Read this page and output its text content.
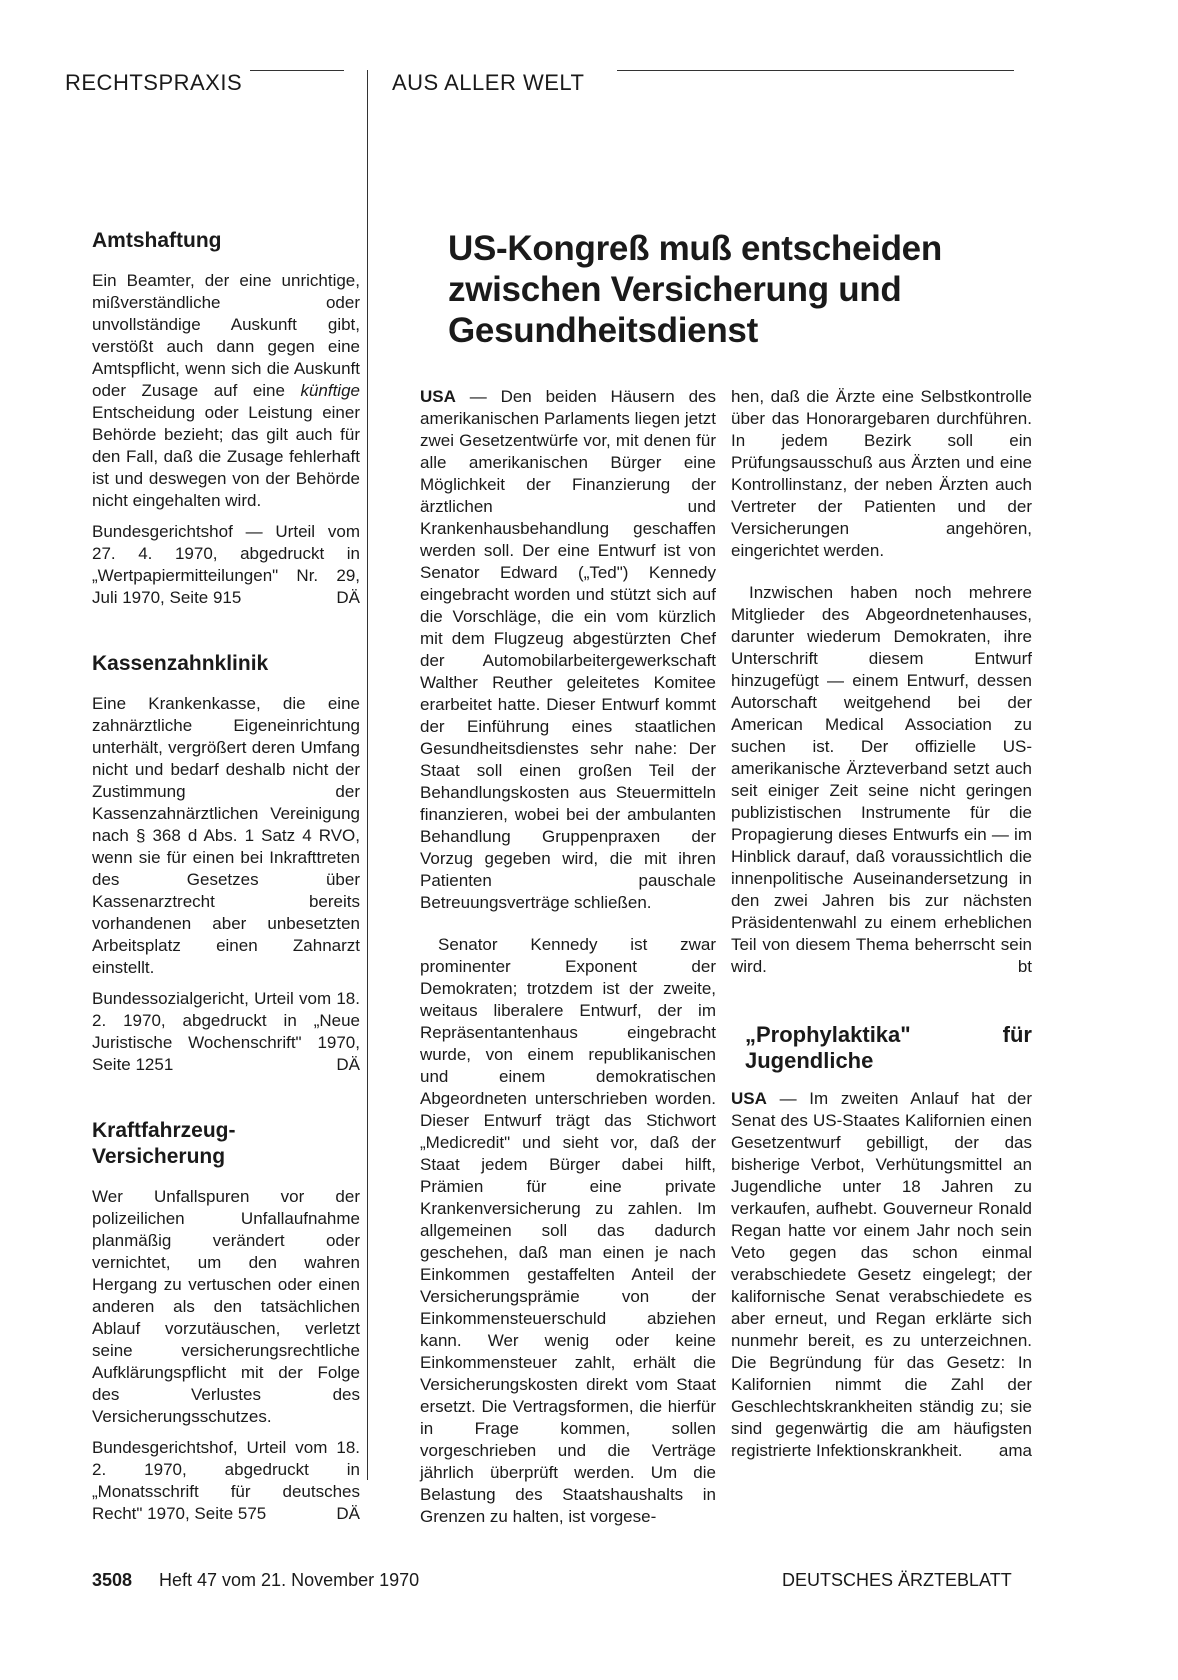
RECHTSPRAXIS	AUS ALLER WELT
Amtshaftung

Ein Beamter, der eine unrichtige, mißverständliche oder unvollständige Auskunft gibt, verstößt auch dann gegen eine Amtspflicht, wenn sich die Auskunft oder Zusage auf eine künftige Entscheidung oder Leistung einer Behörde bezieht; das gilt auch für den Fall, daß die Zusage fehlerhaft ist und deswegen von der Behörde nicht eingehalten wird.

Bundesgerichtshof — Urteil vom 27. 4. 1970, abgedruckt in „Wertpapiermitteilungen" Nr. 29, Juli 1970, Seite 915	DÄ

Kassenzahnklinik

Eine Krankenkasse, die eine zahnärztliche Eigeneinrichtung unterhält, vergrößert deren Umfang nicht und bedarf deshalb nicht der Zustimmung der Kassenzahnärztlichen Vereinigung nach § 368 d Abs. 1 Satz 4 RVO, wenn sie für einen bei Inkrafttreten des Gesetzes über Kassenarztrecht bereits vorhandenen aber unbesetzten Arbeitsplatz einen Zahnarzt einstellt.

Bundessozialgericht, Urteil vom 18. 2. 1970, abgedruckt in „Neue Juristische Wochenschrift" 1970, Seite 1251	DÄ

Kraftfahrzeug-Versicherung

Wer Unfallspuren vor der polizeilichen Unfallaufnahme planmäßig verändert oder vernichtet, um den wahren Hergang zu vertuschen oder einen anderen als den tatsächlichen Ablauf vorzutäuschen, verletzt seine versicherungsrechtliche Aufklärungspflicht mit der Folge des Verlustes des Versicherungsschutzes.

Bundesgerichtshof, Urteil vom 18. 2. 1970, abgedruckt in „Monatsschrift für deutsches Recht" 1970, Seite 575	DÄ

US-Kongreß muß entscheiden zwischen Versicherung und Gesundheitsdienst

USA — Den beiden Häusern des amerikanischen Parlaments liegen jetzt zwei Gesetzentwürfe vor, mit denen für alle amerikanischen Bürger eine Möglichkeit der Finanzierung der ärztlichen und Krankenhausbehandlung geschaffen werden soll. Der eine Entwurf ist von Senator Edward („Ted") Kennedy eingebracht worden und stützt sich auf die Vorschläge, die ein vom kürzlich mit dem Flugzeug abgestürzten Chef der Automobilarbeitergewerkschaft Walther Reuther geleitetes Komitee erarbeitet hatte. Dieser Entwurf kommt der Einführung eines staatlichen Gesundheitsdienstes sehr nahe: Der Staat soll einen großen Teil der Behandlungskosten aus Steuermitteln finanzieren, wobei bei der ambulanten Behandlung Gruppenpraxen der Vorzug gegeben wird, die mit ihren Patienten pauschale Betreuungsverträge schließen.

Senator Kennedy ist zwar prominenter Exponent der Demokraten; trotzdem ist der zweite, weitaus liberalere Entwurf, der im Repräsentantenhaus eingebracht wurde, von einem republikanischen und einem demokratischen Abgeordneten unterschrieben worden. Dieser Entwurf trägt das Stichwort „Medicredit" und sieht vor, daß der Staat jedem Bürger dabei hilft, Prämien für eine private Krankenversicherung zu zahlen. Im allgemeinen soll das dadurch geschehen, daß man einen je nach Einkommen gestaffelten Anteil der Versicherungsprämie von der Einkommensteuerschuld abziehen kann. Wer wenig oder keine Einkommensteuer zahlt, erhält die Versicherungskosten direkt vom Staat ersetzt. Die Vertragsformen, die hierfür in Frage kommen, sollen vorgeschrieben und die Verträge jährlich überprüft werden. Um die Belastung des Staatshaushalts in Grenzen zu halten, ist vorgese-

hen, daß die Ärzte eine Selbstkontrolle über das Honorargebaren durchführen. In jedem Bezirk soll ein Prüfungsausschuß aus Ärzten und eine Kontrollinstanz, der neben Ärzten auch Vertreter der Patienten und der Versicherungen angehören, eingerichtet werden.

Inzwischen haben noch mehrere Mitglieder des Abgeordnetenhauses, darunter wiederum Demokraten, ihre Unterschrift diesem Entwurf hinzugefügt — einem Entwurf, dessen Autorschaft weitgehend bei der American Medical Association zu suchen ist. Der offizielle US-amerikanische Ärzteverband setzt auch seit einiger Zeit seine nicht geringen publizistischen Instrumente für die Propagierung dieses Entwurfs ein — im Hinblick darauf, daß voraussichtlich die innenpolitische Auseinandersetzung in den zwei Jahren bis zur nächsten Präsidentenwahl zu einem erheblichen Teil von diesem Thema beherrscht sein wird.	bt

„Prophylaktika" für Jugendliche

USA — Im zweiten Anlauf hat der Senat des US-Staates Kalifornien einen Gesetzentwurf gebilligt, der das bisherige Verbot, Verhütungsmittel an Jugendliche unter 18 Jahren zu verkaufen, aufhebt. Gouverneur Ronald Regan hatte vor einem Jahr noch sein Veto gegen das schon einmal verabschiedete Gesetz eingelegt; der kalifornische Senat verabschiedete es aber erneut, und Regan erklärte sich nunmehr bereit, es zu unterzeichnen. Die Begründung für das Gesetz: In Kalifornien nimmt die Zahl der Geschlechtskrankheiten ständig zu; sie sind gegenwärtig die am häufigsten registrierte Infektionskrankheit. ama

3508 Heft 47 vom 21. November 1970	DEUTSCHES ÄRZTEBLATT
